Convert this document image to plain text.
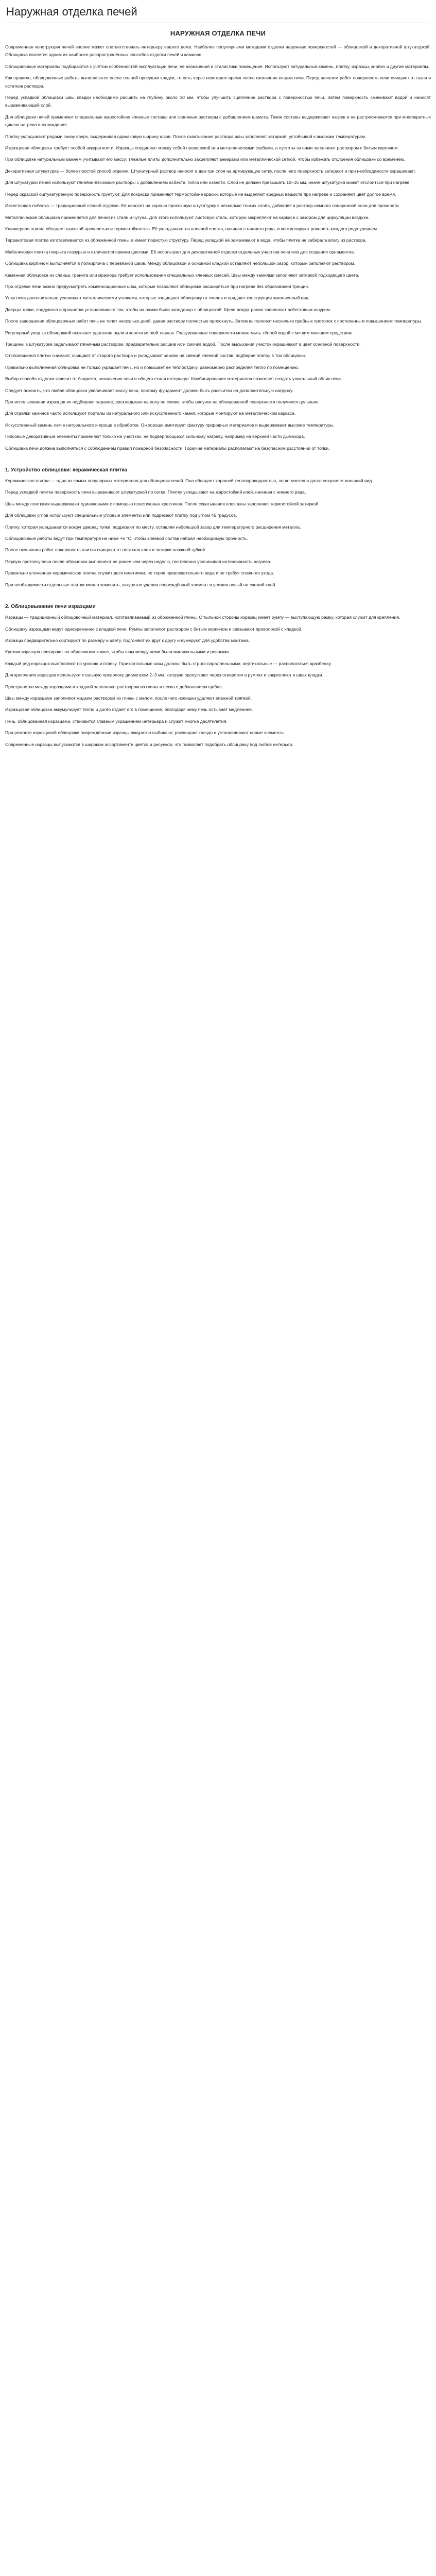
Наружная отделка печей
НАРУЖНАЯ ОТДЕЛКА ПЕЧИ

Современная конструкция печей вполне может соответствовать интерьеру вашего дома. Наиболее популярными методами отделки наружных поверхностей — облицовкой и декоративной штукатуркой. Облицовка является одним из наиболее распространённых способов отделки печей и каминов.

Облицовочные материалы подбираются с учётом особенностей эксплуатации печи, её назначения и стилистики помещения. Используют натуральный камень, плитку, изразцы, кирпич и другие материалы.

Как правило, облицовочные работы выполняются после полной просушки кладки, то есть через некоторое время после окончания кладки печи. Перед началом работ поверхность печи очищают от пыли и остатков раствора.

Перед укладкой облицовки швы кладки необходимо расшить на глубину около 10 мм, чтобы улучшить сцепление раствора с поверхностью печи. Затем поверхность смачивают водой и наносят выравнивающий слой.

Для облицовки печей применяют специальные жаростойкие клеевые составы или глиняные растворы с добавлением шамота. Такие составы выдерживают нагрев и не растрескиваются при многократных циклах нагрева и охлаждения.

Плитку укладывают рядами снизу вверх, выдерживая одинаковую ширину швов. После схватывания раствора швы заполняют затиркой, устойчивой к высоким температурам.

Изразцовая облицовка требует особой аккуратности. Изразцы соединяют между собой проволокой или металлическими скобами, а пустоты за ними заполняют раствором с битым кирпичом.

При облицовке натуральным камнем учитывают его массу: тяжёлые плиты дополнительно закрепляют анкерами или металлической сеткой, чтобы избежать отслоения облицовки со временем.

Декоративная штукатурка — более простой способ отделки. Штукатурный раствор наносят в два-три слоя на армирующую сетку, после чего поверхность затирают и при необходимости окрашивают.

Для штукатурки печей используют глиняно-песчаные растворы с добавлением асбеста, гипса или извести. Слой не должен превышать 10–15 мм, иначе штукатурка может отслоиться при нагреве.

Перед окраской оштукатуренную поверхность грунтуют. Для покраски применяют термостойкие краски, которые не выделяют вредных веществ при нагреве и сохраняют цвет долгое время.

Известковая побелка — традиционный способ отделки. Её наносят на хорошо просохшую штукатурку в несколько тонких слоёв, добавляя в раствор немного поваренной соли для прочности.

Металлическая облицовка применяется для печей из стали и чугуна. Для этого используют листовую сталь, которую закрепляют на каркасе с зазором для циркуляции воздуха.

Клинкерная плитка обладает высокой прочностью и термостойкостью. Её укладывают на клеевой состав, начиная с нижнего ряда, и контролируют ровность каждого ряда уровнем.

Терракотовая плитка изготавливается из обожжённой глины и имеет пористую структуру. Перед укладкой её замачивают в воде, чтобы плитка не забирала влагу из раствора.

Майоликовая плитка покрыта глазурью и отличается яркими цветами. Её используют для декоративной отделки отдельных участков печи или для создания орнаментов.

Облицовка кирпичом выполняется в полкирпича с перевязкой швов. Между облицовкой и основной кладкой оставляют небольшой зазор, который заполняют раствором.

Каменная облицовка из сланца, гранита или мрамора требует использования специальных клеевых смесей. Швы между камнями заполняют затиркой подходящего цвета.

При отделке печи важно предусмотреть компенсационные швы, которые позволяют облицовке расширяться при нагреве без образования трещин.

Углы печи дополнительно усиливают металлическими уголками, которые защищают облицовку от сколов и придают конструкции законченный вид.

Дверцы топки, поддувала и прочистки устанавливают так, чтобы их рамки были заподлицо с облицовкой. Щели вокруг рамок заполняют асбестовым шнуром.

После завершения облицовочных работ печь не топят несколько дней, давая раствору полностью просохнуть. Затем выполняют несколько пробных протопок с постепенным повышением температуры.

Регулярный уход за облицовкой включает удаление пыли и копоти мягкой тканью. Глазурованные поверхности можно мыть тёплой водой с мягким моющим средством.

Трещины в штукатурке заделывают глиняным раствором, предварительно расшив их и смочив водой. После высыхания участок окрашивают в цвет основной поверхности.

Отслоившиеся плитки снимают, очищают от старого раствора и укладывают заново на свежий клеевой состав, подбирая плитку в тон облицовки.

Правильно выполненная облицовка не только украшает печь, но и повышает её теплоотдачу, равномерно распределяя тепло по помещению.

Выбор способа отделки зависит от бюджета, назначения печи и общего стиля интерьера. Комбинирование материалов позволяет создать уникальный облик печи.

Следует помнить, что любая облицовка увеличивает массу печи, поэтому фундамент должен быть рассчитан на дополнительную нагрузку.

При использовании изразцов их подбирают заранее, раскладывая на полу по схеме, чтобы рисунок на облицованной поверхности получился цельным.

Для отделки каминов часто используют порталы из натурального или искусственного камня, которые монтируют на металлическом каркасе.

Искусственный камень легче натурального и проще в обработке. Он хорошо имитирует фактуру природных материалов и выдерживает высокие температуры.

Гипсовые декоративные элементы применяют только на участках, не подвергающихся сильному нагреву, например на верхней части дымохода.

Облицовка печи должна выполняться с соблюдением правил пожарной безопасности. Горючие материалы располагают на безопасном расстоянии от топки.

1. Устройство облицовки: керамическая плитка

Керамическая плитка — один из самых популярных материалов для облицовки печей. Она обладает хорошей теплопроводностью, легко моется и долго сохраняет внешний вид.

Перед укладкой плитки поверхность печи выравнивают штукатуркой по сетке. Плитку укладывают на жаростойкий клей, начиная с нижнего ряда.

Швы между плитками выдерживают одинаковыми с помощью пластиковых крестиков. После схватывания клея швы заполняют термостойкой затиркой.

Для облицовки углов используют специальные угловые элементы или подрезают плитку под углом 45 градусов.

Плитку, которая укладывается вокруг дверец топки, подрезают по месту, оставляя небольшой зазор для температурного расширения металла.

Облицовочные работы ведут при температуре не ниже +5 °C, чтобы клеевой состав набрал необходимую прочность.

После окончания работ поверхность плитки очищают от остатков клея и затирки влажной губкой.

Первую протопку печи после облицовки выполняют не ранее чем через неделю, постепенно увеличивая интенсивность нагрева.

Правильно уложенная керамическая плитка служит десятилетиями, не теряя привлекательного вида и не требуя сложного ухода.

При необходимости отдельные плитки можно заменить, аккуратно удалив повреждённый элемент и уложив новый на свежий клей.

2. Облицовывание печи изразцами

Изразцы — традиционный облицовочный материал, изготавливаемый из обожжённой глины. С тыльной стороны изразец имеет румпу — выступающую рамку, которая служит для крепления.

Облицовку изразцами ведут одновременно с кладкой печи. Румпы заполняют раствором с битым кирпичом и связывают проволокой с кладкой.

Изразцы предварительно сортируют по размеру и цвету, подгоняют их друг к другу и нумеруют для удобства монтажа.

Кромки изразцов притирают на абразивном камне, чтобы швы между ними были минимальными и ровными.

Каждый ряд изразцов выставляют по уровню и отвесу. Горизонтальные швы должны быть строго параллельными, вертикальные — располагаться вразбежку.

Для крепления изразцов используют стальную проволоку диаметром 2–3 мм, которую пропускают через отверстия в румпах и закрепляют в швах кладки.

Пространство между изразцами и кладкой заполняют раствором из глины и песка с добавлением щебня.

Швы между изразцами заполняют жидким раствором из глины с мелом, после чего излишки удаляют влажной тряпкой.

Изразцовая облицовка аккумулирует тепло и долго отдаёт его в помещение, благодаря чему печь остывает медленнее.

Печь, облицованная изразцами, становится главным украшением интерьера и служит многие десятилетия.

При ремонте изразцовой облицовки повреждённые изразцы аккуратно выбивают, расчищают гнездо и устанавливают новые элементы.

Современные изразцы выпускаются в широком ассортименте цветов и рисунков, что позволяет подобрать облицовку под любой интерьер.
